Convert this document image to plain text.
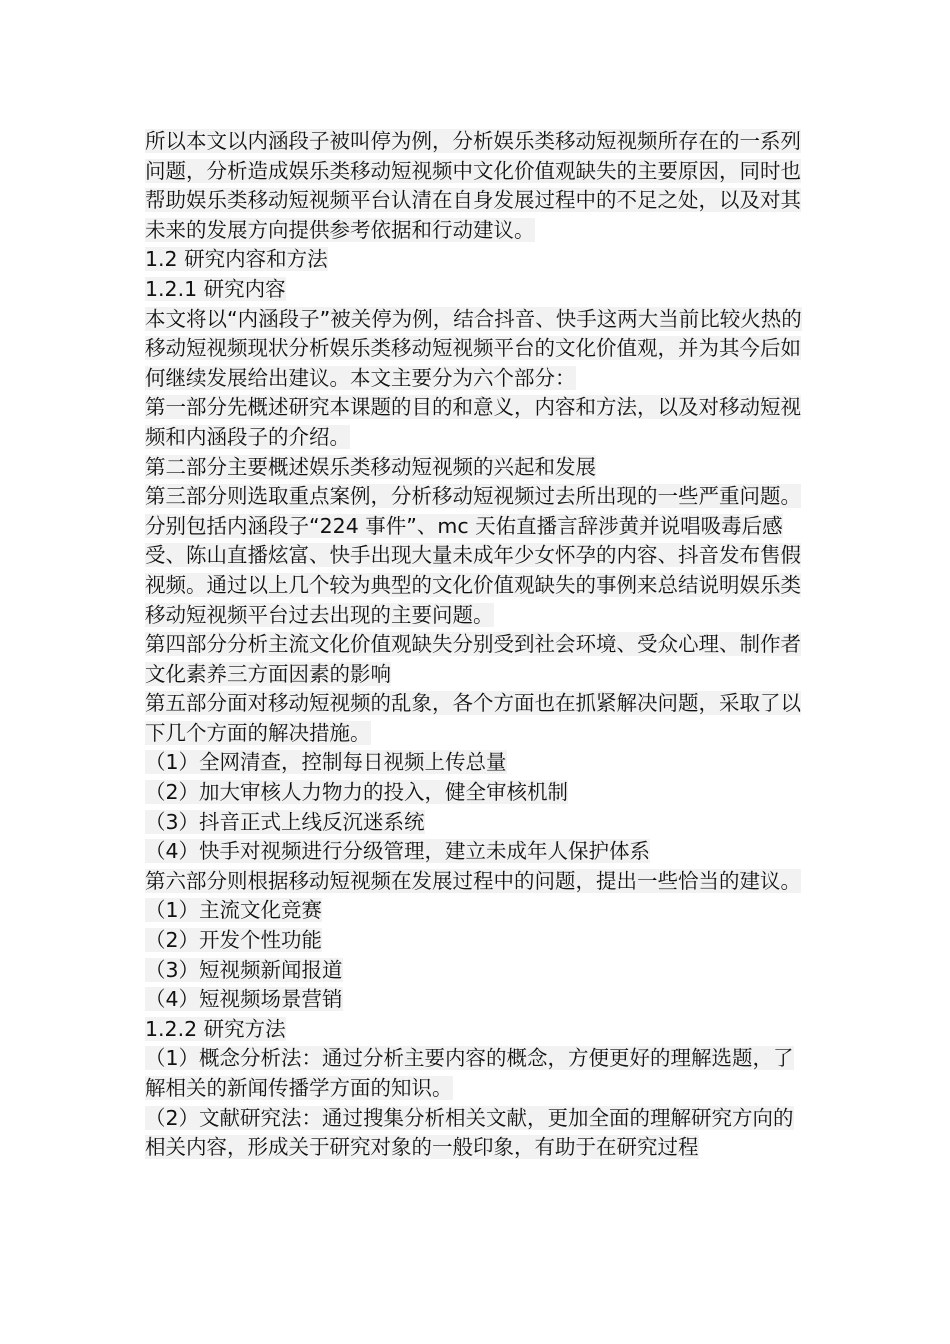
所以本文以内涵段子被叫停为例，分析娱乐类移动短视频所存在的一系列问题，分析造成娱乐类移动短视频中文化价值观缺失的主要原因，同时也帮助娱乐类移动短视频平台认清在自身发展过程中的不足之处，以及对其未来的发展方向提供参考依据和行动建议。

1.2 研究内容和方法

1.2.1 研究内容

本文将以“内涵段子”被关停为例，结合抖音、快手这两大当前比较火热的移动短视频现状分析娱乐类移动短视频平台的文化价值观，并为其今后如何继续发展给出建议。本文主要分为六个部分：

第一部分先概述研究本课题的目的和意义，内容和方法，以及对移动短视频和内涵段子的介绍。

第二部分主要概述娱乐类移动短视频的兴起和发展

第三部分则选取重点案例，分析移动短视频过去所出现的一些严重问题。分别包括内涵段子“224 事件”、mc 天佑直播言辞涉黄并说唱吸毒后感受、陈山直播炫富、快手出现大量未成年少女怀孕的内容、抖音发布售假视频。通过以上几个较为典型的文化价值观缺失的事例来总结说明娱乐类移动短视频平台过去出现的主要问题。

第四部分分析主流文化价值观缺失分别受到社会环境、受众心理、制作者文化素养三方面因素的影响

第五部分面对移动短视频的乱象，各个方面也在抓紧解决问题，采取了以下几个方面的解决措施。

（1）全网清查，控制每日视频上传总量

（2）加大审核人力物力的投入，健全审核机制

（3）抖音正式上线反沉迷系统

（4）快手对视频进行分级管理，建立未成年人保护体系

第六部分则根据移动短视频在发展过程中的问题，提出一些恰当的建议。

（1）主流文化竞赛

（2）开发个性功能

（3）短视频新闻报道

（4）短视频场景营销

1.2.2 研究方法

（1）概念分析法：通过分析主要内容的概念，方便更好的理解选题，了解相关的新闻传播学方面的知识。

（2）文献研究法：通过搜集分析相关文献，更加全面的理解研究方向的相关内容，形成关于研究对象的一般印象，有助于在研究过程
